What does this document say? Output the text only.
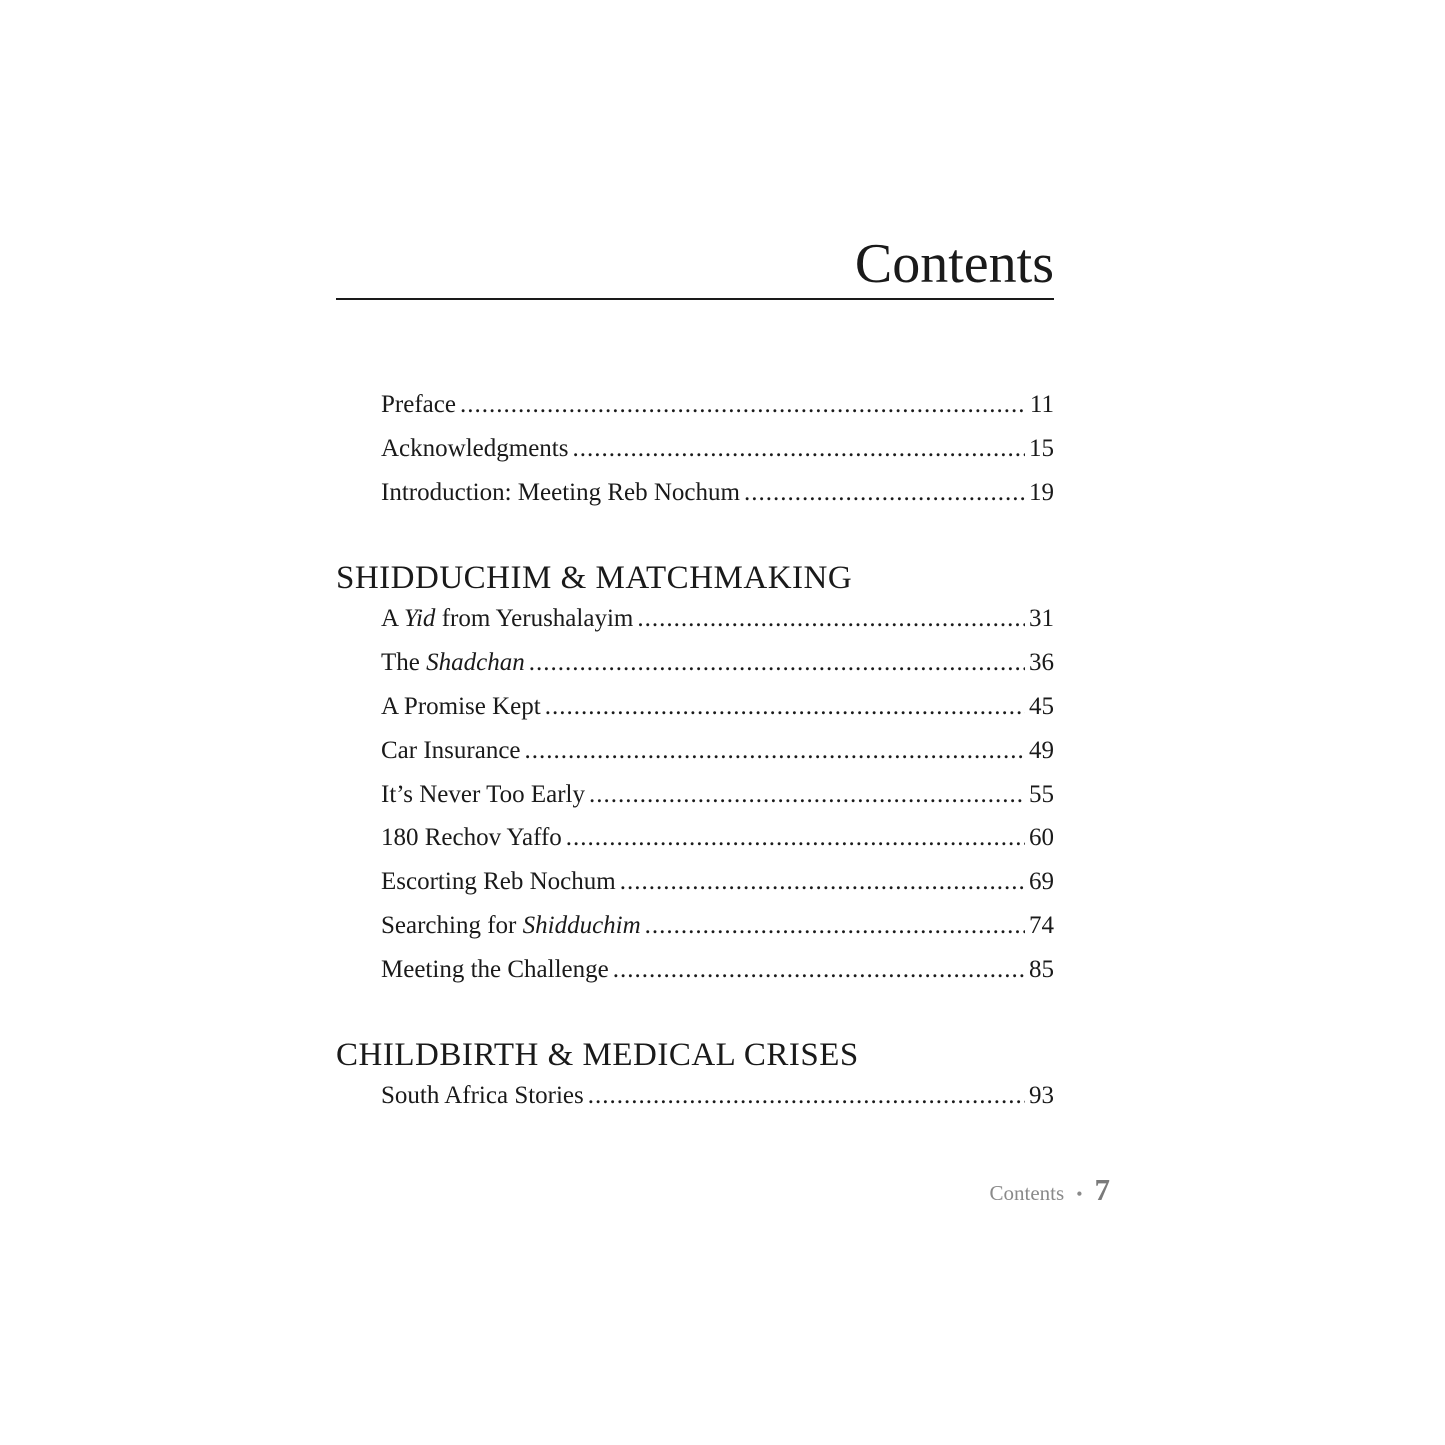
Contents
Preface .....	11
Acknowledgments .....	15
Introduction: Meeting Reb Nochum .....	19
SHIDDUCHIM & MATCHMAKING
A Yid from Yerushalayim .....	31
The Shadchan .....	36
A Promise Kept .....	45
Car Insurance .....	49
It’s Never Too Early .....	55
180 Rechov Yaffo .....	60
Escorting Reb Nochum .....	69
Searching for Shidduchim .....	74
Meeting the Challenge .....	85
CHILDBIRTH & MEDICAL CRISES
South Africa Stories .....	93
Contents • 7
